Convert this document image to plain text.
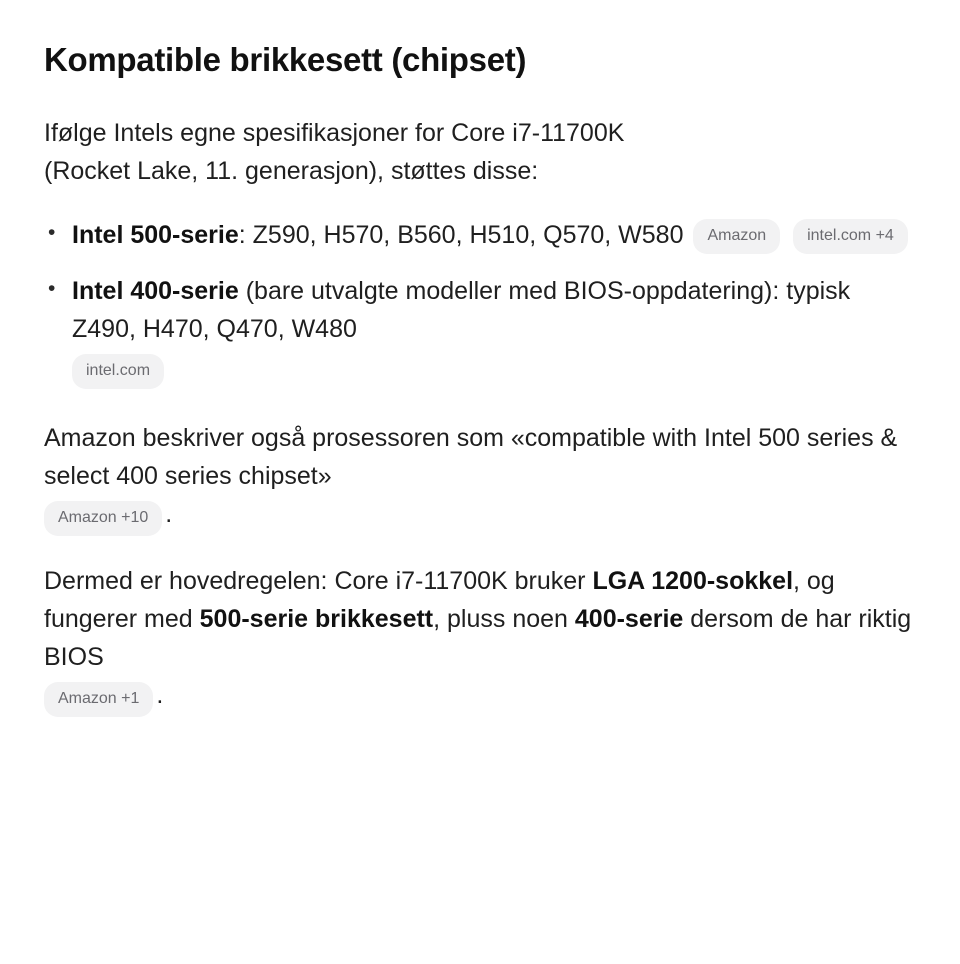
Kompatible brikkesett (chipset)

Ifølge Intels egne spesifikasjoner for Core i7-11700K
(Rocket Lake, 11. generasjon), støttes disse:

• Intel 500-serie: Z590, H570, B560, H510, Q570, W580 Amazon	intel.com +4
• Intel 400-serie (bare utvalgte modeller med BIOS-oppdatering): typisk Z490, H470, Q470, W480
intel.com

Amazon beskriver også prosessoren som «compatible with Intel 500 series & select 400 series chipset»
Amazon +10 .

Dermed er hovedregelen: Core i7-11700K bruker LGA 1200-sokkel, og fungerer med 500-serie brikkesett, pluss noen 400-serie dersom de har riktig BIOS
Amazon +1 .
